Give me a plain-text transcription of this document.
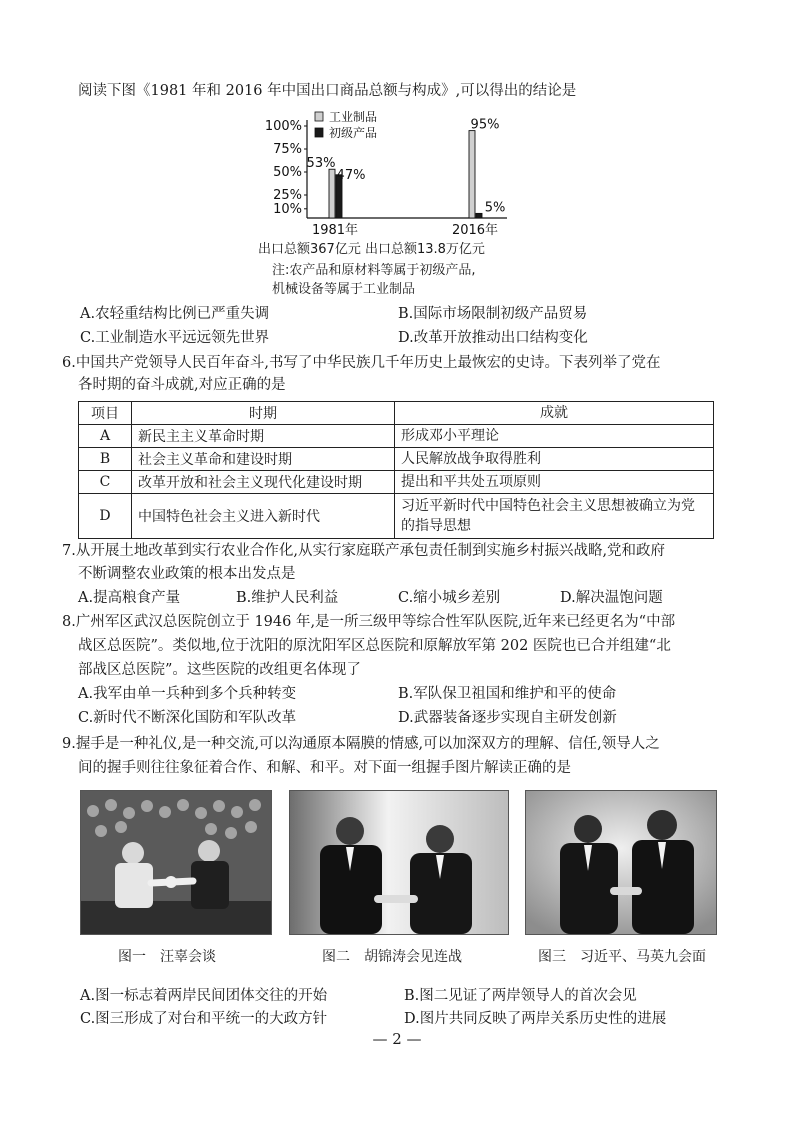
阅读下图《1981 年和 2016 年中国出口商品总额与构成》,可以得出的结论是
100%
75%
50%
25%
10%
工业制品
初级产品
1981年	2016年
53%
47%
95%
5%
出口总额367亿元 出口总额13.8万亿元
注:农产品和原材料等属于初级产品,
机械设备等属于工业制品
A.农轻重结构比例已严重失调	B.国际市场限制初级产品贸易
C.工业制造水平远远领先世界	D.改革开放推动出口结构变化
6.中国共产党领导人民百年奋斗,书写了中华民族几千年历史上最恢宏的史诗。下表列举了党在
各时期的奋斗成就,对应正确的是
项目	时期	成就
A	新民主主义革命时期	形成邓小平理论
B	社会主义革命和建设时期	人民解放战争取得胜利
C	改革开放和社会主义现代化建设时期	提出和平共处五项原则
D	中国特色社会主义进入新时代	习近平新时代中国特色社会主义思想被确立为党的指导思想
7.从开展土地改革到实行农业合作化,从实行家庭联产承包责任制到实施乡村振兴战略,党和政府
不断调整农业政策的根本出发点是
A.提高粮食产量	B.维护人民利益	C.缩小城乡差别	D.解决温饱问题
8.广州军区武汉总医院创立于 1946 年,是一所三级甲等综合性军队医院,近年来已经更名为“中部
战区总医院”。类似地,位于沈阳的原沈阳军区总医院和原解放军第 202 医院也已合并组建“北
部战区总医院”。这些医院的改组更名体现了
A.我军由单一兵种到多个兵种转变	B.军队保卫祖国和维护和平的使命
C.新时代不断深化国防和军队改革	D.武器装备逐步实现自主研发创新
9.握手是一种礼仪,是一种交流,可以沟通原本隔膜的情感,可以加深双方的理解、信任,领导人之
间的握手则往往象征着合作、和解、和平。对下面一组握手图片解读正确的是
图一　汪辜会谈	图二　胡锦涛会见连战	图三　习近平、马英九会面
A.图一标志着两岸民间团体交往的开始	B.图二见证了两岸领导人的首次会见
C.图三形成了对台和平统一的大政方针	D.图片共同反映了两岸关系历史性的进展
— 2 —
